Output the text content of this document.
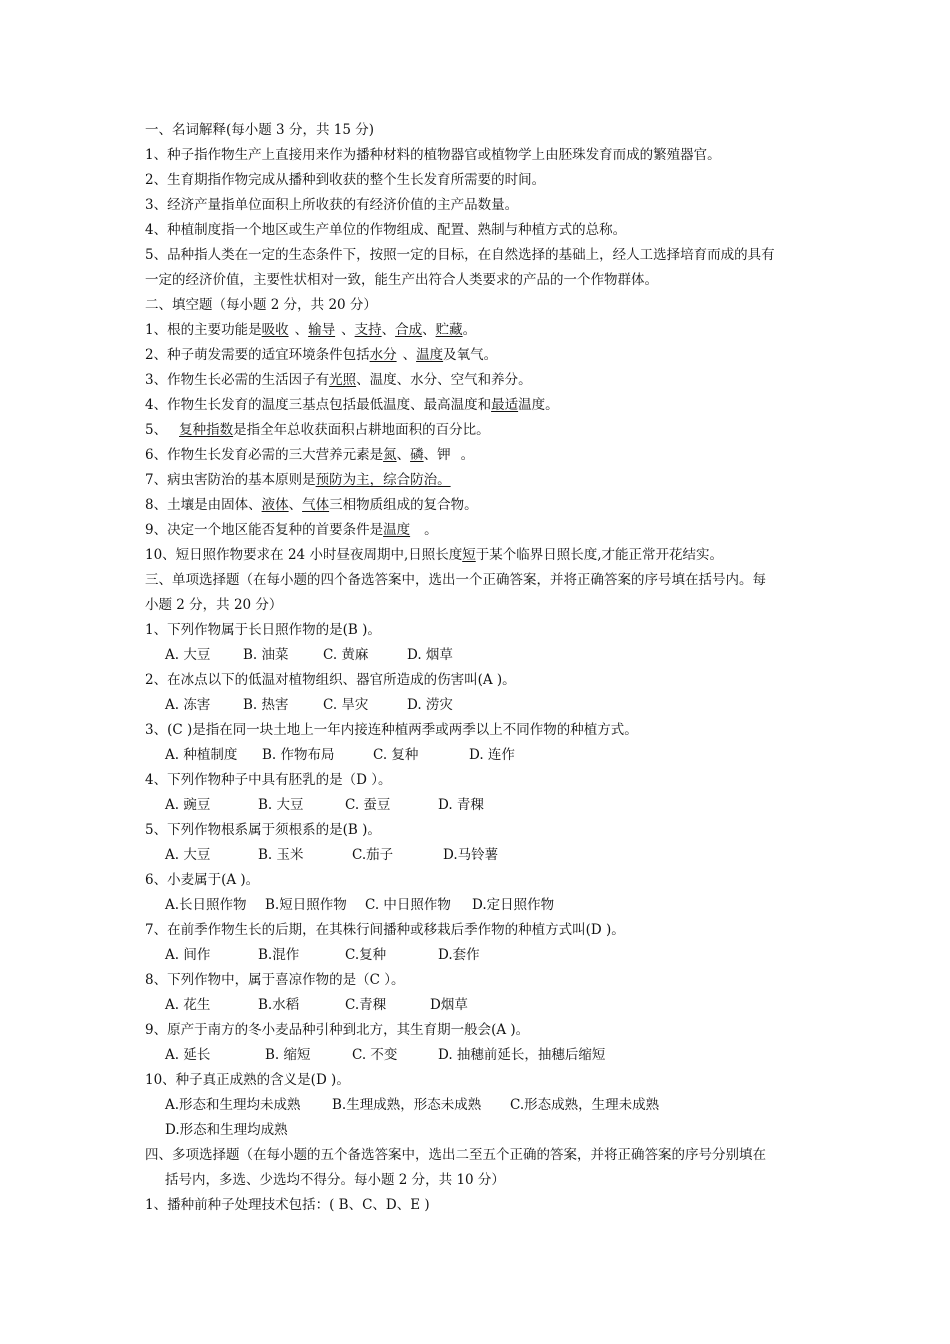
一、名词解释(每小题 3 分，共 15 分)
1、种子指作物生产上直接用来作为播种材料的植物器官或植物学上由胚珠发育而成的繁殖器官。
2、生育期指作物完成从播种到收获的整个生长发育所需要的时间。
3、经济产量指单位面积上所收获的有经济价值的主产品数量。
4、种植制度指一个地区或生产单位的作物组成、配置、熟制与种植方式的总称。
5、品种指人类在一定的生态条件下，按照一定的目标，在自然选择的基础上，经人工选择培育而成的具有
一定的经济价值，主要性状相对一致，能生产出符合人类要求的产品的一个作物群体。
二、填空题（每小题 2 分，共 20 分）
1、根的主要功能是吸收 、输导 、支持、合成、贮藏。
2、种子萌发需要的适宜环境条件包括水分 、温度及氧气。
3、作物生长必需的生活因子有光照、温度、水分、空气和养分。
4、作物生长发育的温度三基点包括最低温度、最高温度和最适温度。
5、 复种指数是指全年总收获面积占耕地面积的百分比。
6、作物生长发育必需的三大营养元素是氮、磷、钾 。
7、病虫害防治的基本原则是预防为主，综合防治。
8、土壤是由固体、液体、气体三相物质组成的复合物。
9、决定一个地区能否复种的首要条件是温度 。
10、短日照作物要求在 24 小时昼夜周期中,日照长度短于某个临界日照长度,才能正常开花结实。
三、单项选择题（在每小题的四个备选答案中，选出一个正确答案，并将正确答案的序号填在括号内。每
小题 2 分，共 20 分）
1、下列作物属于长日照作物的是(B )。
A. 大豆 B. 油菜	C. 黄麻	D. 烟草
2、在冰点以下的低温对植物组织、器官所造成的伤害叫(A )。
A. 冻害 B. 热害	C. 旱灾	D. 涝灾
3、(C )是指在同一块土地上一年内接连种植两季或两季以上不同作物的种植方式。
A. 种植制度 B. 作物布局	C. 复种	D. 连作
4、下列作物种子中具有胚乳的是（D ）。
A. 豌豆	B. 大豆	C. 蚕豆	D. 青稞
5、下列作物根系属于须根系的是(B )。
A. 大豆	B. 玉米	C.茄子	D.马铃薯
6、小麦属于(A )。
A.长日照作物 B.短日照作物 C. 中日照作物 D.定日照作物
7、在前季作物生长的后期，在其株行间播种或移栽后季作物的种植方式叫(D )。
A. 间作	B.混作	C.复种	D.套作
8、下列作物中，属于喜凉作物的是（C ）。
A. 花生	B.水稻	C.青稞	D烟草
9、原产于南方的冬小麦品种引种到北方，其生育期一般会(A )。
A. 延长	B. 缩短	C. 不变	D. 抽穗前延长，抽穗后缩短
10、种子真正成熟的含义是(D )。
A.形态和生理均未成熟 B.生理成熟，形态未成熟 C.形态成熟，生理未成熟
D.形态和生理均成熟
四、多项选择题（在每小题的五个备选答案中，选出二至五个正确的答案，并将正确答案的序号分别填在
括号内，多选、少选均不得分。每小题 2 分，共 10 分）
1、播种前种子处理技术包括：( B、C、D、E )
